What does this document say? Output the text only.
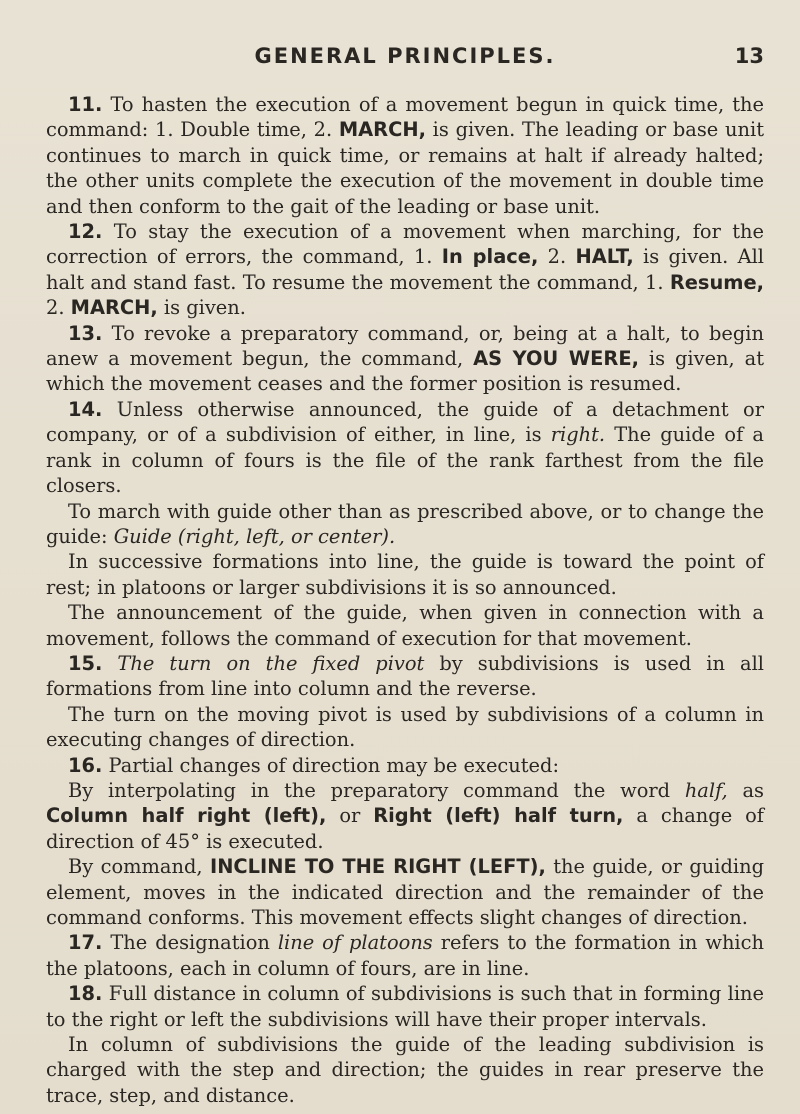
GENERAL PRINCIPLES.	13

11. To hasten the execution of a movement begun in quick time, the command: 1. Double time, 2. MARCH, is given. The leading or base unit continues to march in quick time, or remains at halt if already halted; the other units complete the execution of the movement in double time and then conform to the gait of the leading or base unit.

12. To stay the execution of a movement when marching, for the correction of errors, the command, 1. In place, 2. HALT, is given. All halt and stand fast. To resume the movement the command, 1. Resume, 2. MARCH, is given.

13. To revoke a preparatory command, or, being at a halt, to begin anew a movement begun, the command, AS YOU WERE, is given, at which the movement ceases and the former position is resumed.

14. Unless otherwise announced, the guide of a detachment or company, or of a subdivision of either, in line, is right. The guide of a rank in column of fours is the file of the rank farthest from the file closers.

To march with guide other than as prescribed above, or to change the guide: Guide (right, left, or center).

In successive formations into line, the guide is toward the point of rest; in platoons or larger subdivisions it is so announced.

The announcement of the guide, when given in connection with a movement, follows the command of execution for that movement.

15. The turn on the fixed pivot by subdivisions is used in all formations from line into column and the reverse.

The turn on the moving pivot is used by subdivisions of a column in executing changes of direction.

16. Partial changes of direction may be executed:

By interpolating in the preparatory command the word half, as Column half right (left), or Right (left) half turn, a change of direction of 45° is executed.

By command, INCLINE TO THE RIGHT (LEFT), the guide, or guiding element, moves in the indicated direction and the remainder of the command conforms. This movement effects slight changes of direction.

17. The designation line of platoons refers to the formation in which the platoons, each in column of fours, are in line.

18. Full distance in column of subdivisions is such that in forming line to the right or left the subdivisions will have their proper intervals.

In column of subdivisions the guide of the leading subdivision is charged with the step and direction; the guides in rear preserve the trace, step, and distance.
